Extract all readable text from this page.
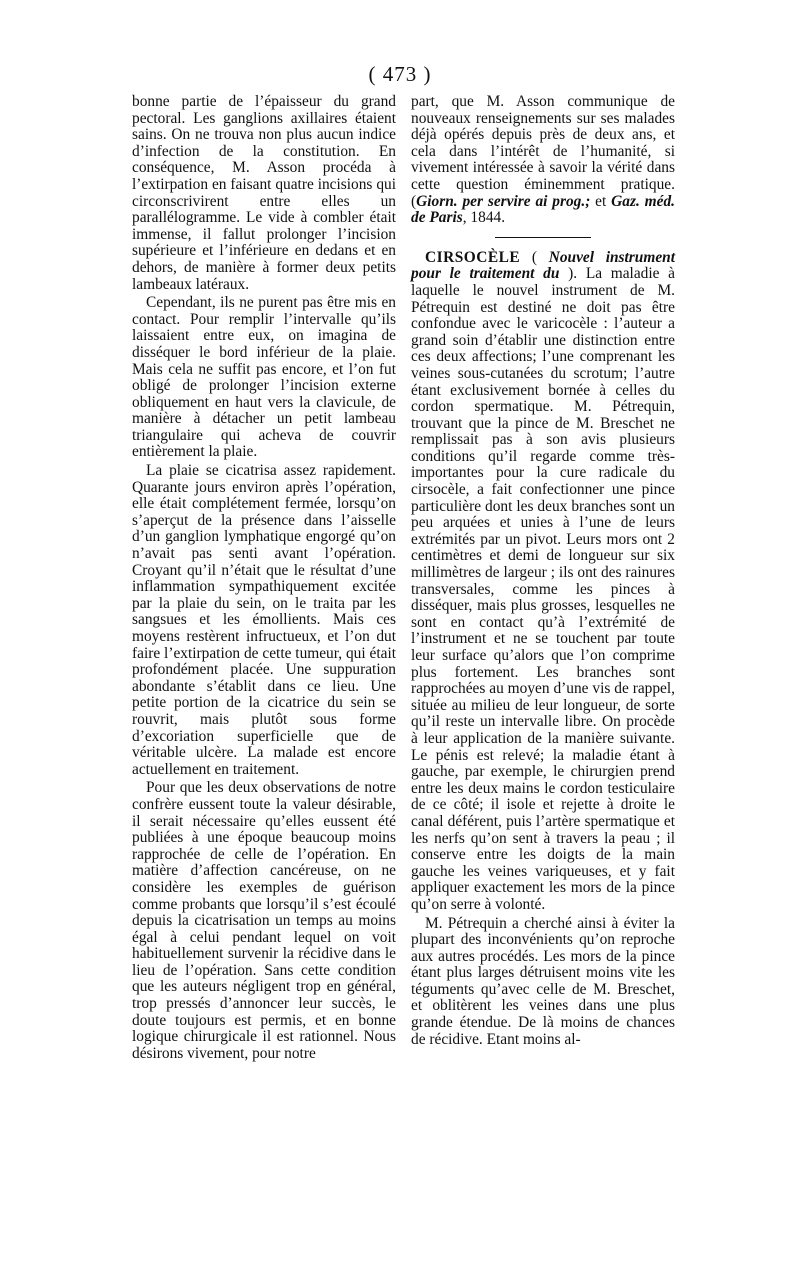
( 473 )

bonne partie de l’épaisseur du grand pectoral. Les ganglions axillaires étaient sains. On ne trouva non plus aucun indice d’infection de la constitution. En conséquence, M. Asson procéda à l’extirpation en faisant quatre incisions qui circonscrivirent entre elles un parallélogramme. Le vide à combler était immense, il fallut prolonger l’incision supérieure et l’inférieure en dedans et en dehors, de manière à former deux petits lambeaux latéraux.

Cependant, ils ne purent pas être mis en contact. Pour remplir l’intervalle qu’ils laissaient entre eux, on imagina de disséquer le bord inférieur de la plaie. Mais cela ne suffit pas encore, et l’on fut obligé de prolonger l’incision externe obliquement en haut vers la clavicule, de manière à détacher un petit lambeau triangulaire qui acheva de couvrir entièrement la plaie.

La plaie se cicatrisa assez rapidement. Quarante jours environ après l’opération, elle était complétement fermée, lorsqu’on s’aperçut de la présence dans l’aisselle d’un ganglion lymphatique engorgé qu’on n’avait pas senti avant l’opération. Croyant qu’il n’était que le résultat d’une inflammation sympathiquement excitée par la plaie du sein, on le traita par les sangsues et les émollients. Mais ces moyens restèrent infructueux, et l’on dut faire l’extirpation de cette tumeur, qui était profondément placée. Une suppuration abondante s’établit dans ce lieu. Une petite portion de la cicatrice du sein se rouvrit, mais plutôt sous forme d’excoriation superficielle que de véritable ulcère. La malade est encore actuellement en traitement.

Pour que les deux observations de notre confrère eussent toute la valeur désirable, il serait nécessaire qu’elles eussent été publiées à une époque beaucoup moins rapprochée de celle de l’opération. En matière d’affection cancéreuse, on ne considère les exemples de guérison comme probants que lorsqu’il s’est écoulé depuis la cicatrisation un temps au moins égal à celui pendant lequel on voit habituellement survenir la récidive dans le lieu de l’opération. Sans cette condition que les auteurs négligent trop en général, trop pressés d’annoncer leur succès, le doute toujours est permis, et en bonne logique chirurgicale il est rationnel. Nous désirons vivement, pour notre

part, que M. Asson communique de nouveaux renseignements sur ses malades déjà opérés depuis près de deux ans, et cela dans l’intérêt de l’humanité, si vivement intéressée à savoir la vérité dans cette question éminemment pratique. (Giorn. per servire ai prog.; et Gaz. méd. de Paris, 1844.

CIRSOCÈLE ( Nouvel instrument pour le traitement du ). La maladie à laquelle le nouvel instrument de M. Pétrequin est destiné ne doit pas être confondue avec le varicocèle : l’auteur a grand soin d’établir une distinction entre ces deux affections; l’une comprenant les veines sous-cutanées du scrotum; l’autre étant exclusivement bornée à celles du cordon spermatique. M. Pétrequin, trouvant que la pince de M. Breschet ne remplissait pas à son avis plusieurs conditions qu’il regarde comme très-importantes pour la cure radicale du cirsocèle, a fait confectionner une pince particulière dont les deux branches sont un peu arquées et unies à l’une de leurs extrémités par un pivot. Leurs mors ont 2 centimètres et demi de longueur sur six millimètres de largeur ; ils ont des rainures transversales, comme les pinces à disséquer, mais plus grosses, lesquelles ne sont en contact qu’à l’extrémité de l’instrument et ne se touchent par toute leur surface qu’alors que l’on comprime plus fortement. Les branches sont rapprochées au moyen d’une vis de rappel, située au milieu de leur longueur, de sorte qu’il reste un intervalle libre. On procède à leur application de la manière suivante. Le pénis est relevé; la maladie étant à gauche, par exemple, le chirurgien prend entre les deux mains le cordon testiculaire de ce côté; il isole et rejette à droite le canal déférent, puis l’artère spermatique et les nerfs qu’on sent à travers la peau ; il conserve entre les doigts de la main gauche les veines variqueuses, et y fait appliquer exactement les mors de la pince qu’on serre à volonté.

M. Pétrequin a cherché ainsi à éviter la plupart des inconvénients qu’on reproche aux autres procédés. Les mors de la pince étant plus larges détruisent moins vite les téguments qu’avec celle de M. Breschet, et oblitèrent les veines dans une plus grande étendue. De là moins de chances de récidive. Etant moins al-
